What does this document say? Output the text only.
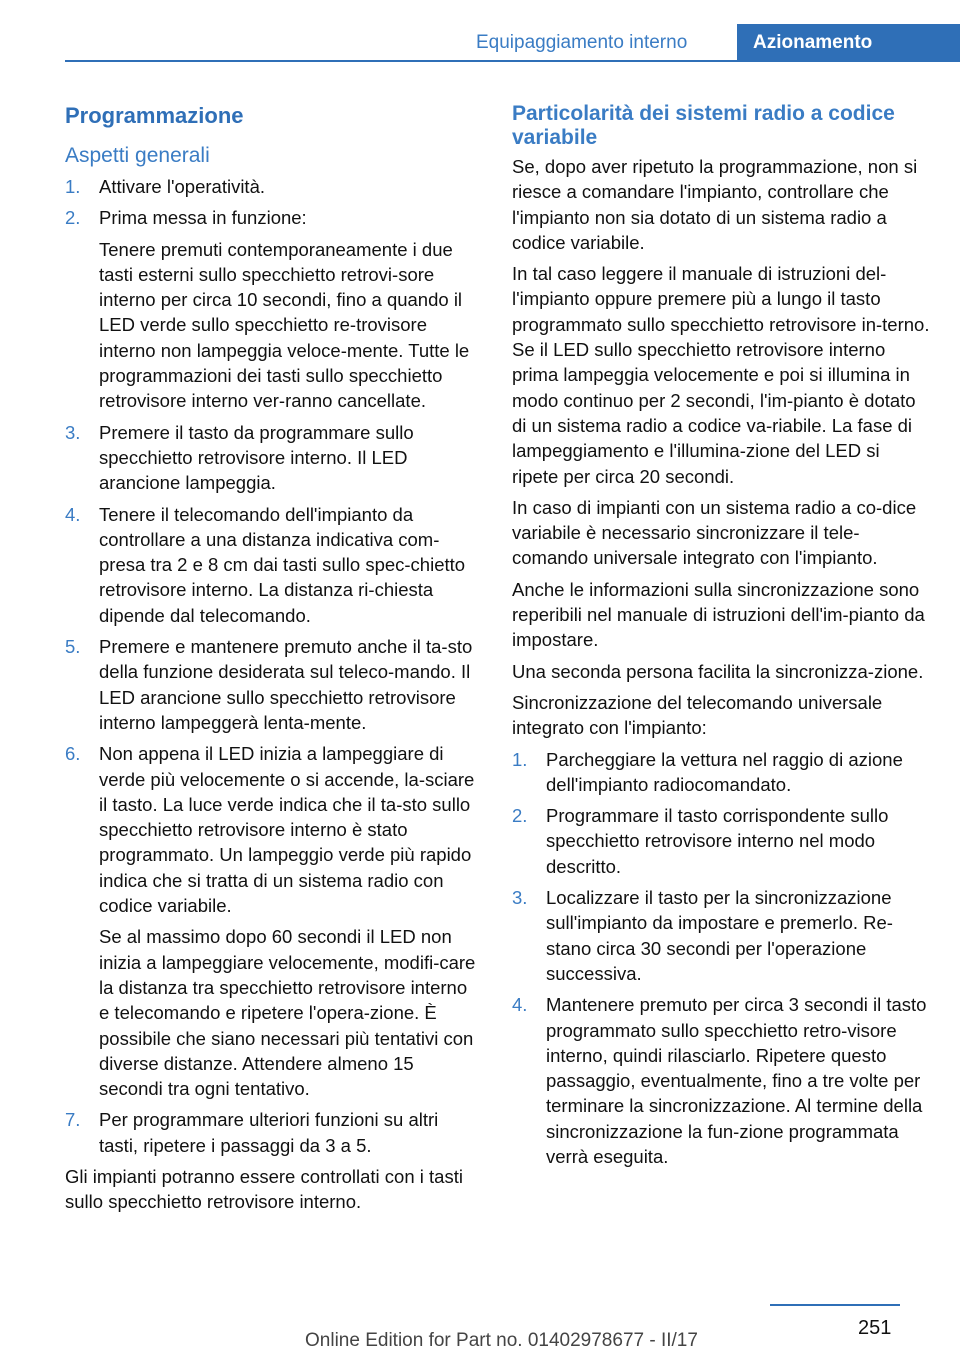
Equipaggiamento interno	Azionamento
Programmazione
Aspetti generali
1. Attivare l'operatività.

2. Prima messa in funzione:

Tenere premuti contemporaneamente i due tasti esterni sullo specchietto retrovi‐sore interno per circa 10 secondi, fino a quando il LED verde sullo specchietto re‐trovisore interno non lampeggia veloce‐mente. Tutte le programmazioni dei tasti sullo specchietto retrovisore interno ver‐ranno cancellate.

3. Premere il tasto da programmare sullo specchietto retrovisore interno. Il LED arancione lampeggia.

4. Tenere il telecomando dell'impianto da controllare a una distanza indicativa com‐presa tra 2 e 8 cm dai tasti sullo spec‐chietto retrovisore interno. La distanza ri‐chiesta dipende dal telecomando.

5. Premere e mantenere premuto anche il ta‐sto della funzione desiderata sul teleco‐mando. Il LED arancione sullo specchietto retrovisore interno lampeggerà lenta‐mente.

6. Non appena il LED inizia a lampeggiare di verde più velocemente o si accende, la‐sciare il tasto. La luce verde indica che il ta‐sto sullo specchietto retrovisore interno è stato programmato. Un lampeggio verde più rapido indica che si tratta di un sistema radio con codice variabile.

Se al massimo dopo 60 secondi il LED non inizia a lampeggiare velocemente, modifi‐care la distanza tra specchietto retrovisore interno e telecomando e ripetere l'opera‐zione. È possibile che siano necessari più tentativi con diverse distanze. Attendere almeno 15 secondi tra ogni tentativo.

7. Per programmare ulteriori funzioni su altri tasti, ripetere i passaggi da 3 a 5.

Gli impianti potranno essere controllati con i tasti sullo specchietto retrovisore interno.

Particolarità dei sistemi radio a codice variabile

Se, dopo aver ripetuto la programmazione, non si riesce a comandare l'impianto, controllare che l'impianto non sia dotato di un sistema radio a codice variabile.

In tal caso leggere il manuale di istruzioni del‐l'impianto oppure premere più a lungo il tasto programmato sullo specchietto retrovisore in‐terno. Se il LED sullo specchietto retrovisore interno prima lampeggia velocemente e poi si illumina in modo continuo per 2 secondi, l'im‐pianto è dotato di un sistema radio a codice va‐riabile. La fase di lampeggiamento e l'illumina‐zione del LED si ripete per circa 20 secondi.

In caso di impianti con un sistema radio a co‐dice variabile è necessario sincronizzare il tele‐comando universale integrato con l'impianto.

Anche le informazioni sulla sincronizzazione sono reperibili nel manuale di istruzioni dell'im‐pianto da impostare.

Una seconda persona facilita la sincronizza‐zione.

Sincronizzazione del telecomando universale integrato con l'impianto:

1. Parcheggiare la vettura nel raggio di azione dell'impianto radiocomandato.

2. Programmare il tasto corrispondente sullo specchietto retrovisore interno nel modo descritto.

3. Localizzare il tasto per la sincronizzazione sull'impianto da impostare e premerlo. Re‐stano circa 30 secondi per l'operazione successiva.

4. Mantenere premuto per circa 3 secondi il tasto programmato sullo specchietto retro‐visore interno, quindi rilasciarlo. Ripetere questo passaggio, eventualmente, fino a tre volte per terminare la sincronizzazione. Al termine della sincronizzazione la fun‐zione programmata verrà eseguita.

251
Online Edition for Part no. 01402978677 - II/17
